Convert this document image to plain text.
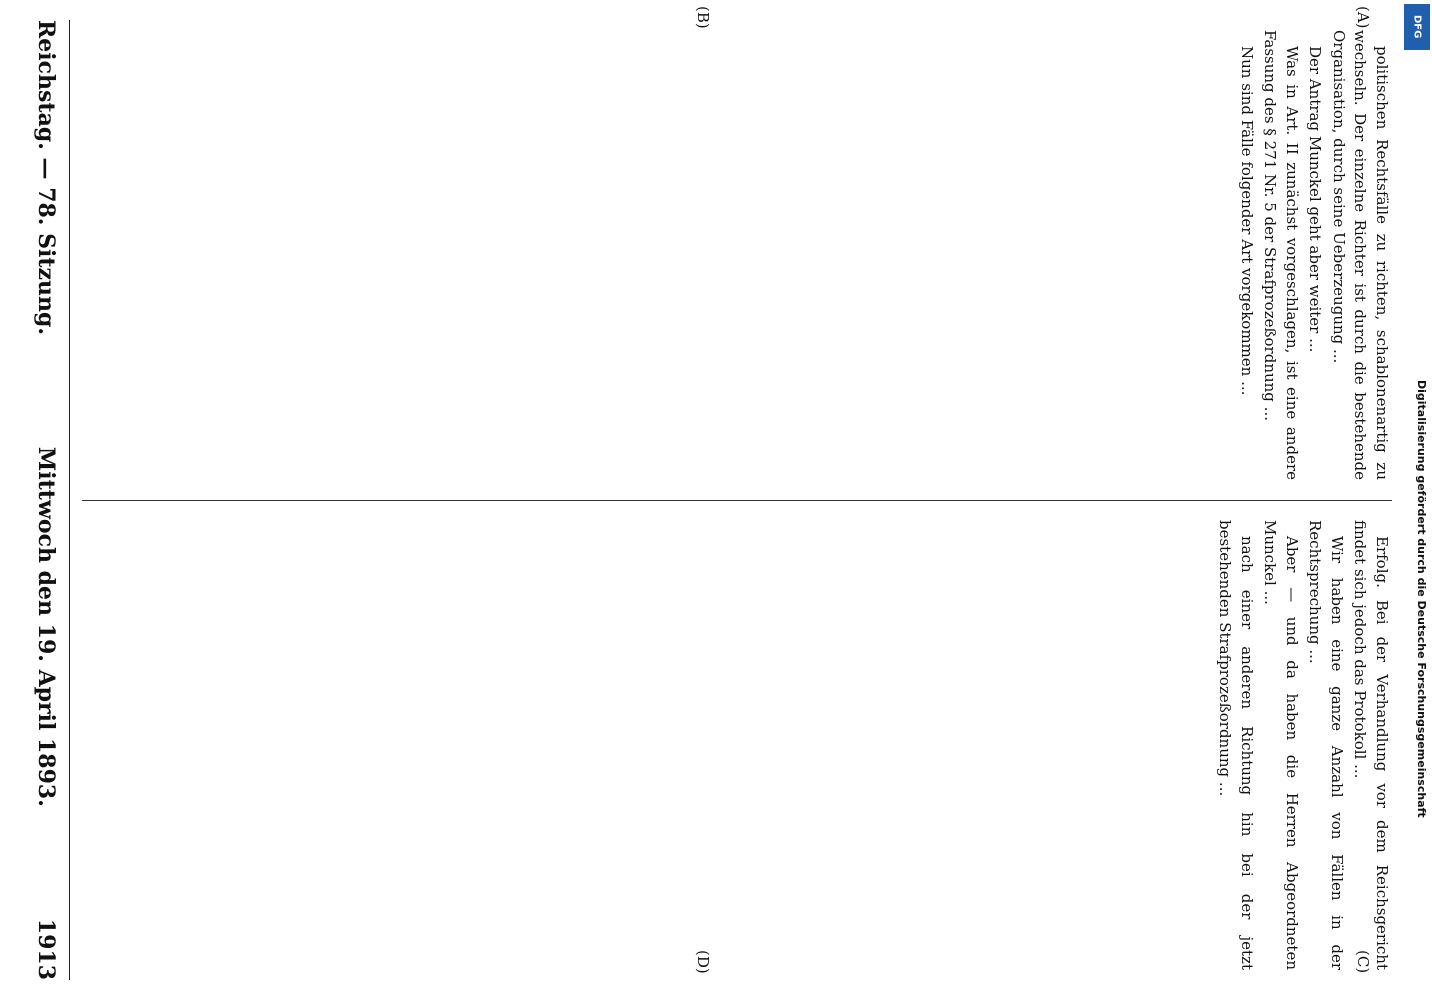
Reichstag. — 78. Sitzung.
Mittwoch den 19. April 1893.
1913
(A)
(B)
(C)
(D)

politischen Rechtsfälle zu richten, schablonenartig zu wechseln. Der einzelne Richter ist durch die bestehende Organisation, durch seine Ueberzeugung ...

Der Antrag Munckel geht aber weiter ...

Was in Art. II zunächst vorgeschlagen, ist eine andere Fassung des § 271 Nr. 5 der Strafprozeßordnung ...

Nun sind Fälle folgender Art vorgekommen ...

Erfolg. Bei der Verhandlung vor dem Reichsgericht findet sich jedoch das Protokoll ...

Wir haben eine ganze Anzahl von Fällen in der Rechtsprechung ...

Aber — und da haben die Herren Abgeordneten Munckel ...

nach einer anderen Richtung hin bei der jetzt bestehenden Strafprozeßordnung ...

DFG
Digitalisierung gefördert durch die Deutsche Forschungsgemeinschaft
